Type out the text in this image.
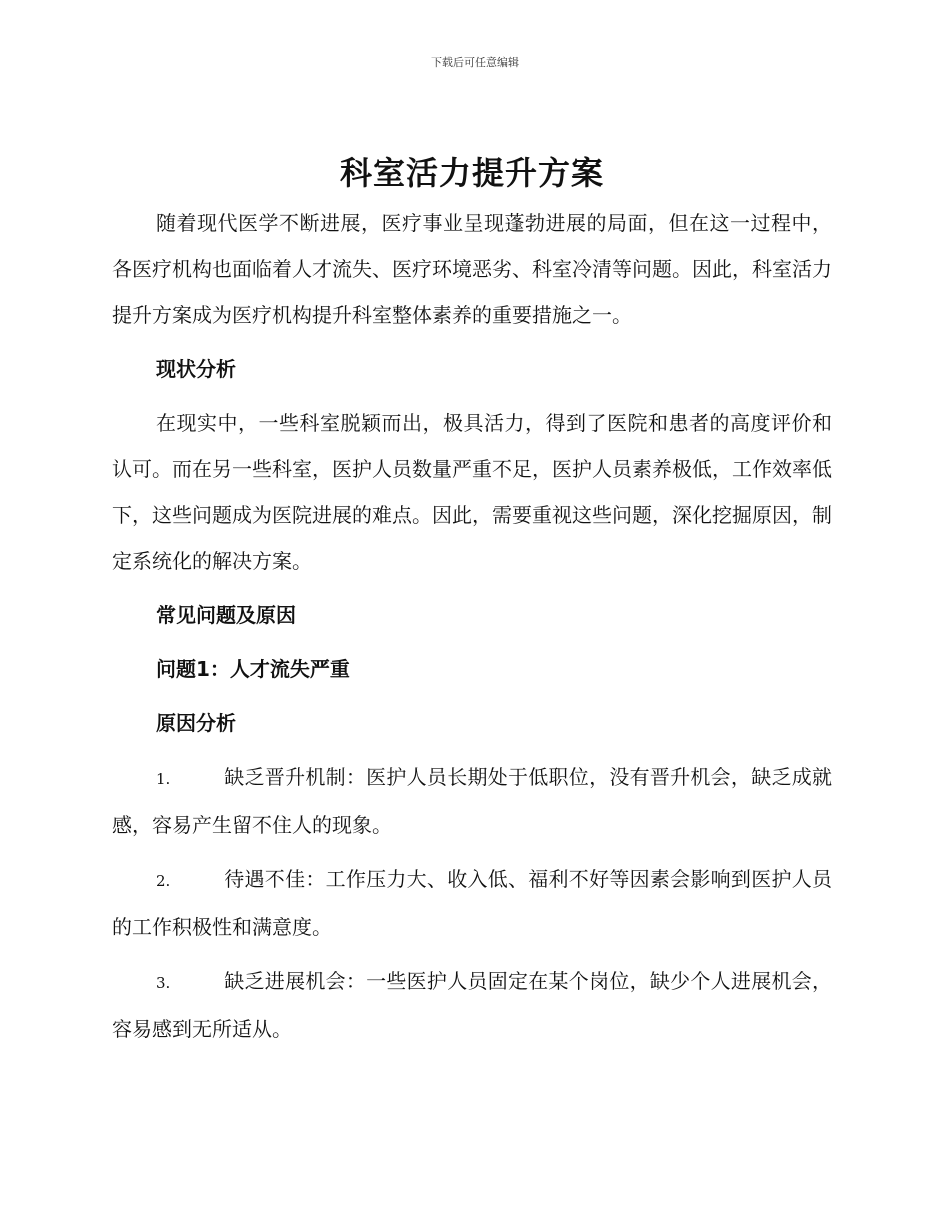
下载后可任意编辑
科室活力提升方案

随着现代医学不断进展，医疗事业呈现蓬勃进展的局面，但在这一过程中，各医疗机构也面临着人才流失、医疗环境恶劣、科室冷清等问题。因此，科室活力提升方案成为医疗机构提升科室整体素养的重要措施之一。

现状分析

在现实中，一些科室脱颖而出，极具活力，得到了医院和患者的高度评价和认可。而在另一些科室，医护人员数量严重不足，医护人员素养极低，工作效率低下，这些问题成为医院进展的难点。因此，需要重视这些问题，深化挖掘原因，制定系统化的解决方案。

常见问题及原因

问题1：人才流失严重

原因分析

1.	缺乏晋升机制：医护人员长期处于低职位，没有晋升机会，缺乏成就感，容易产生留不住人的现象。

2.	待遇不佳：工作压力大、收入低、福利不好等因素会影响到医护人员的工作积极性和满意度。

3.	缺乏进展机会：一些医护人员固定在某个岗位，缺少个人进展机会，容易感到无所适从。
